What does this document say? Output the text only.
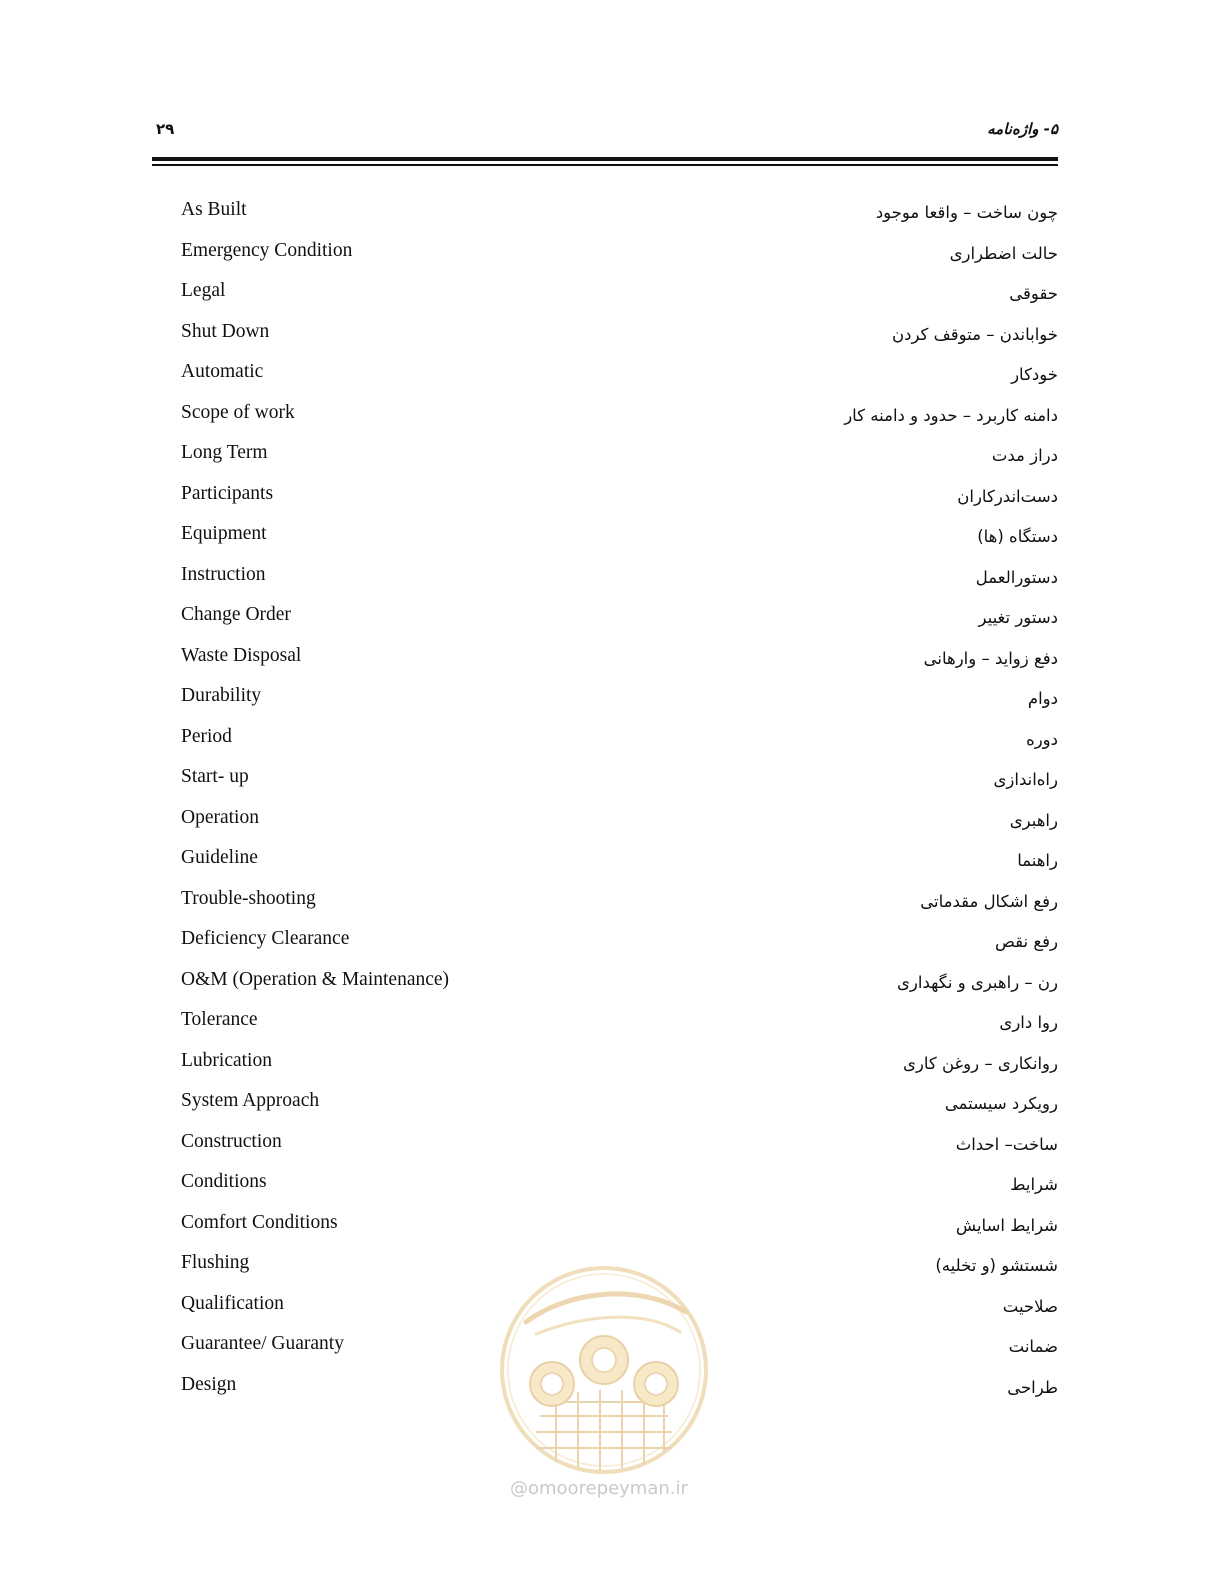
۲۹	۵- واژه‌نامه
As Built	چون ساخت – واقعا موجود
Emergency Condition	حالت اضطراری
Legal	حقوقی
Shut Down	خواباندن – متوقف کردن
Automatic	خودکار
Scope of work	دامنه کاربرد – حدود و دامنه کار
Long Term	دراز مدت
Participants	دست‌اندرکاران
Equipment	دستگاه (ها)
Instruction	دستورالعمل
Change Order	دستور تغییر
Waste Disposal	دفع زواید – وارهانی
Durability	دوام
Period	دوره
Start- up	راه‌اندازی
Operation	راهبری
Guideline	راهنما
Trouble-shooting	رفع اشکال مقدماتی
Deficiency Clearance	رفع نقص
O&M (Operation & Maintenance)	رن – راهبری و نگهداری
Tolerance	روا داری
Lubrication	روانکاری – روغن کاری
System Approach	رویکرد سیستمی
Construction	ساخت– احداث
Conditions	شرایط
Comfort Conditions	شرایط اسایش
Flushing	شستشو (و تخلیه)
Qualification	صلاحیت
Guarantee/ Guaranty	ضمانت
Design	طراحی
@omoorepeyman.ir
